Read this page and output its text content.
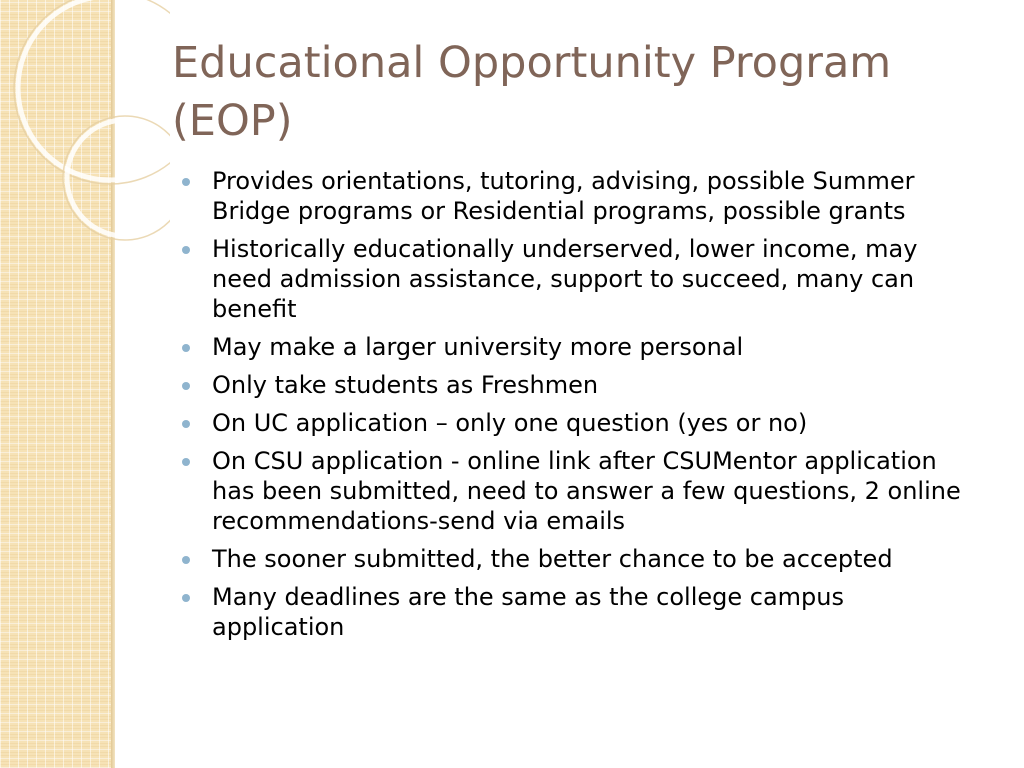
Educational Opportunity Program (EOP)
Provides orientations, tutoring, advising, possible Summer Bridge programs or Residential programs, possible grants
Historically educationally underserved, lower income, may need admission assistance, support to succeed, many can benefit
May make a larger university more personal
Only take students as Freshmen
On UC application – only one question (yes or no)
On CSU application - online link after CSUMentor application has been submitted, need to answer a few questions, 2 online recommendations-send via emails
The sooner submitted, the better chance to be accepted
Many deadlines are the same as the college campus application
